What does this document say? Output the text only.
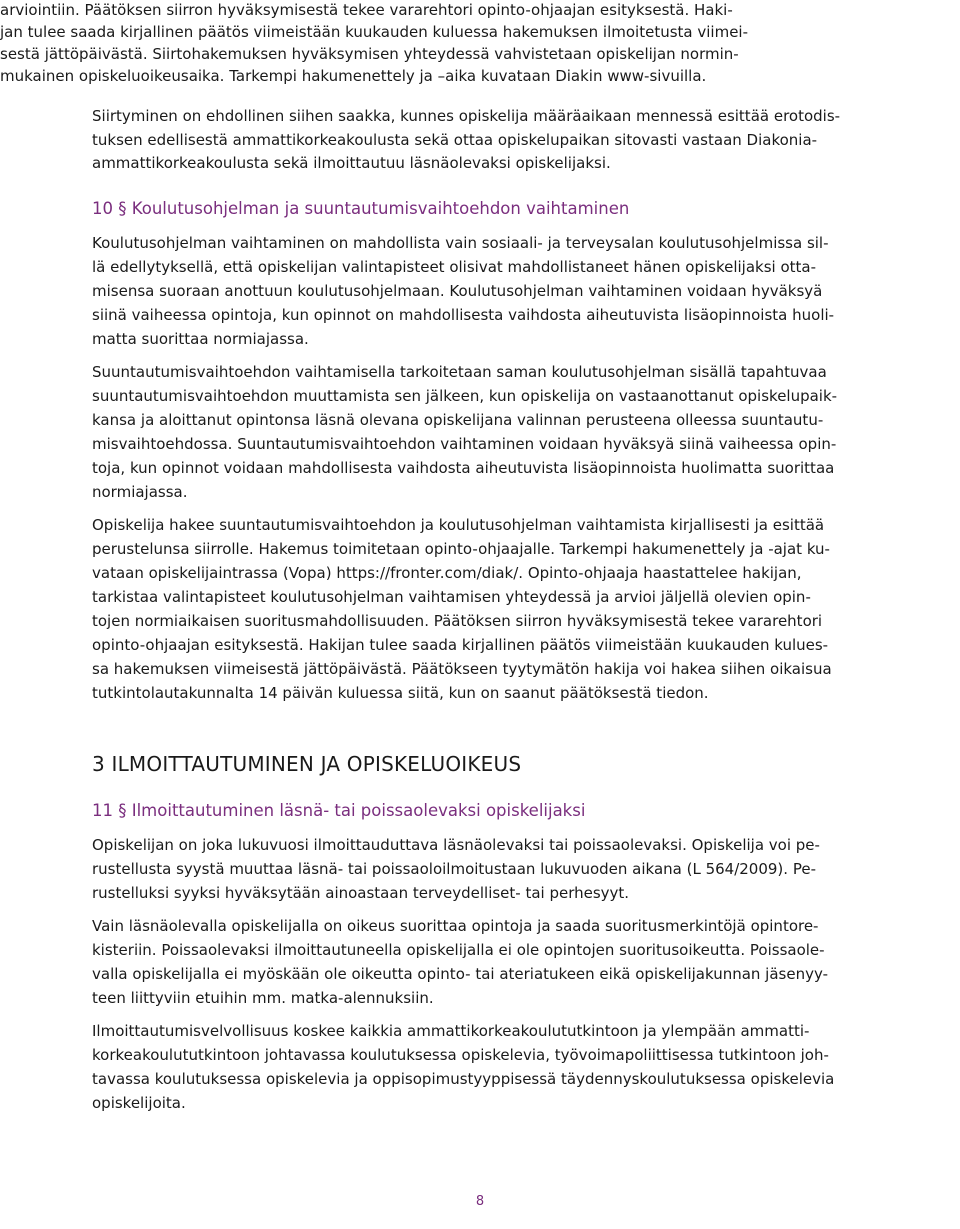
arviointiin. Päätöksen siirron hyväksymisestä tekee vararehtori opinto-ohjaajan esityksestä. Haki-
jan tulee saada kirjallinen päätös viimeistään kuukauden kuluessa hakemuksen ilmoitetusta viimei-
sestä jättöpäivästä. Siirtohakemuksen hyväksymisen yhteydessä vahvistetaan opiskelijan normin-
mukainen opiskeluoikeusaika. Tarkempi hakumenettely ja –aika kuvataan Diakin www-sivuilla.
Siirtyminen on ehdollinen siihen saakka, kunnes opiskelija määräaikaan mennessä esittää erotodis-
tuksen edellisestä ammattikorkeakoulusta sekä ottaa opiskelupaikan sitovasti vastaan Diakonia-
ammattikorkeakoulusta sekä ilmoittautuu läsnäolevaksi opiskelijaksi.
10 § Koulutusohjelman ja suuntautumisvaihtoehdon vaihtaminen
Koulutusohjelman vaihtaminen on mahdollista vain sosiaali- ja terveysalan koulutusohjelmissa sil-
lä edellytyksellä, että opiskelijan valintapisteet olisivat mahdollistaneet hänen opiskelijaksi otta-
misensa suoraan anottuun koulutusohjelmaan. Koulutusohjelman vaihtaminen voidaan hyväksyä
siinä vaiheessa opintoja, kun opinnot on mahdollisesta vaihdosta aiheutuvista lisäopinnoista huoli-
matta suorittaa normiajassa.
Suuntautumisvaihtoehdon vaihtamisella tarkoitetaan saman koulutusohjelman sisällä tapahtuvaa
suuntautumisvaihtoehdon muuttamista sen jälkeen, kun opiskelija on vastaanottanut opiskelupaik-
kansa ja aloittanut opintonsa läsnä olevana opiskelijana valinnan perusteena olleessa suuntautu-
misvaihtoehdossa. Suuntautumisvaihtoehdon vaihtaminen voidaan hyväksyä siinä vaiheessa opin-
toja, kun opinnot voidaan mahdollisesta vaihdosta aiheutuvista lisäopinnoista huolimatta suorittaa
normiajassa.
Opiskelija hakee suuntautumisvaihtoehdon ja koulutusohjelman vaihtamista kirjallisesti ja esittää
perustelunsa siirrolle. Hakemus toimitetaan opinto-ohjaajalle. Tarkempi hakumenettely ja -ajat ku-
vataan opiskelijaintrassa (Vopa) https://fronter.com/diak/. Opinto-ohjaaja haastattelee hakijan,
tarkistaa valintapisteet koulutusohjelman vaihtamisen yhteydessä ja arvioi jäljellä olevien opin-
tojen normiaikaisen suoritusmahdollisuuden. Päätöksen siirron hyväksymisestä tekee vararehtori
opinto-ohjaajan esityksestä. Hakijan tulee saada kirjallinen päätös viimeistään kuukauden kulues-
sa hakemuksen viimeisestä jättöpäivästä. Päätökseen tyytymätön hakija voi hakea siihen oikaisua
tutkintolautakunnalta 14 päivän kuluessa siitä, kun on saanut päätöksestä tiedon.
3 ILMOITTAUTUMINEN JA OPISKELUOIKEUS
11 § Ilmoittautuminen läsnä- tai poissaolevaksi opiskelijaksi
Opiskelijan on joka lukuvuosi ilmoittauduttava läsnäolevaksi tai poissaolevaksi. Opiskelija voi pe-
rustellusta syystä muuttaa läsnä- tai poissaoloilmoitustaan lukuvuoden aikana (L 564/2009). Pe-
rustelluksi syyksi hyväksytään ainoastaan terveydelliset- tai perhesyyt.
Vain läsnäolevalla opiskelijalla on oikeus suorittaa opintoja ja saada suoritusmerkintöjä opintore-
kisteriin. Poissaolevaksi ilmoittautuneella opiskelijalla ei ole opintojen suoritusoikeutta. Poissaole-
valla opiskelijalla ei myöskään ole oikeutta opinto- tai ateriatukeen eikä opiskelijakunnan jäsenyy-
teen liittyviin etuihin mm. matka-alennuksiin.
Ilmoittautumisvelvollisuus koskee kaikkia ammattikorkeakoulututkintoon ja ylempään ammatti-
korkeakoulututkintoon johtavassa koulutuksessa opiskelevia, työvoimapoliittisessa tutkintoon joh-
tavassa koulutuksessa opiskelevia ja oppisopimustyyppisessä täydennyskoulutuksessa opiskelevia
opiskelijoita.
8
